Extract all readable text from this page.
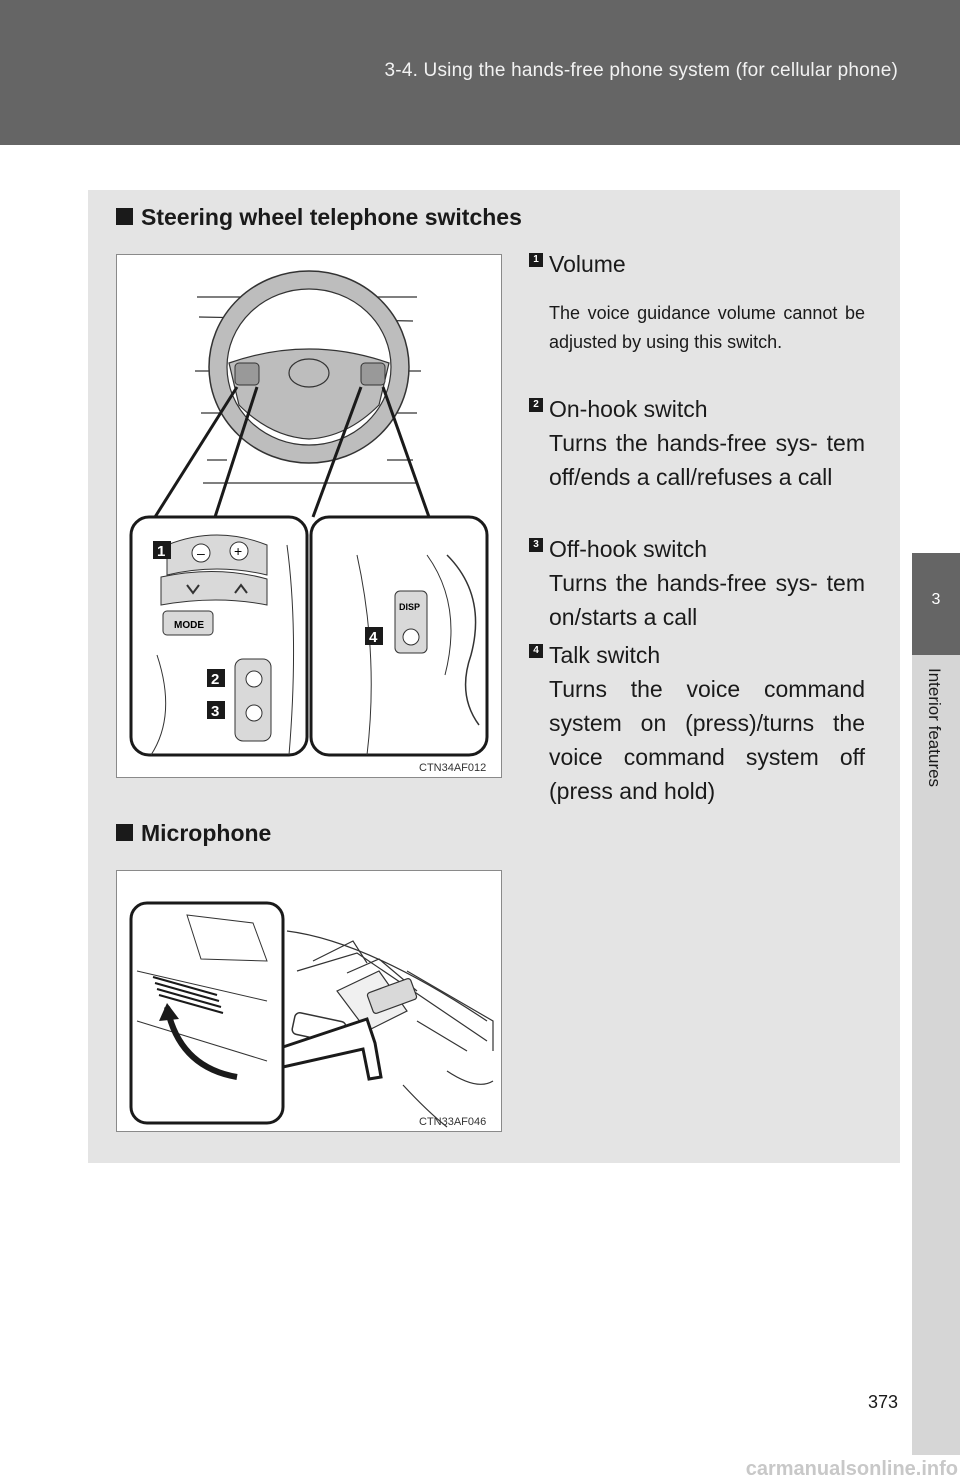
3-4. Using the hands-free phone system (for cellular phone)
3
Interior features
Steering wheel telephone switches
– +
MODE
DISP
1
2
3
4
CTN34AF012
1 Volume
The voice guidance volume cannot be adjusted by using this switch.
2 On-hook switch
Turns the hands-free sys- tem off/ends a call/refuses a call
3 Off-hook switch
Turns the hands-free sys- tem on/starts a call
4 Talk switch
Turns the voice command system on (press)/turns the voice command system off (press and hold)
Microphone
CTN33AF046
373
carmanualsonline.info
